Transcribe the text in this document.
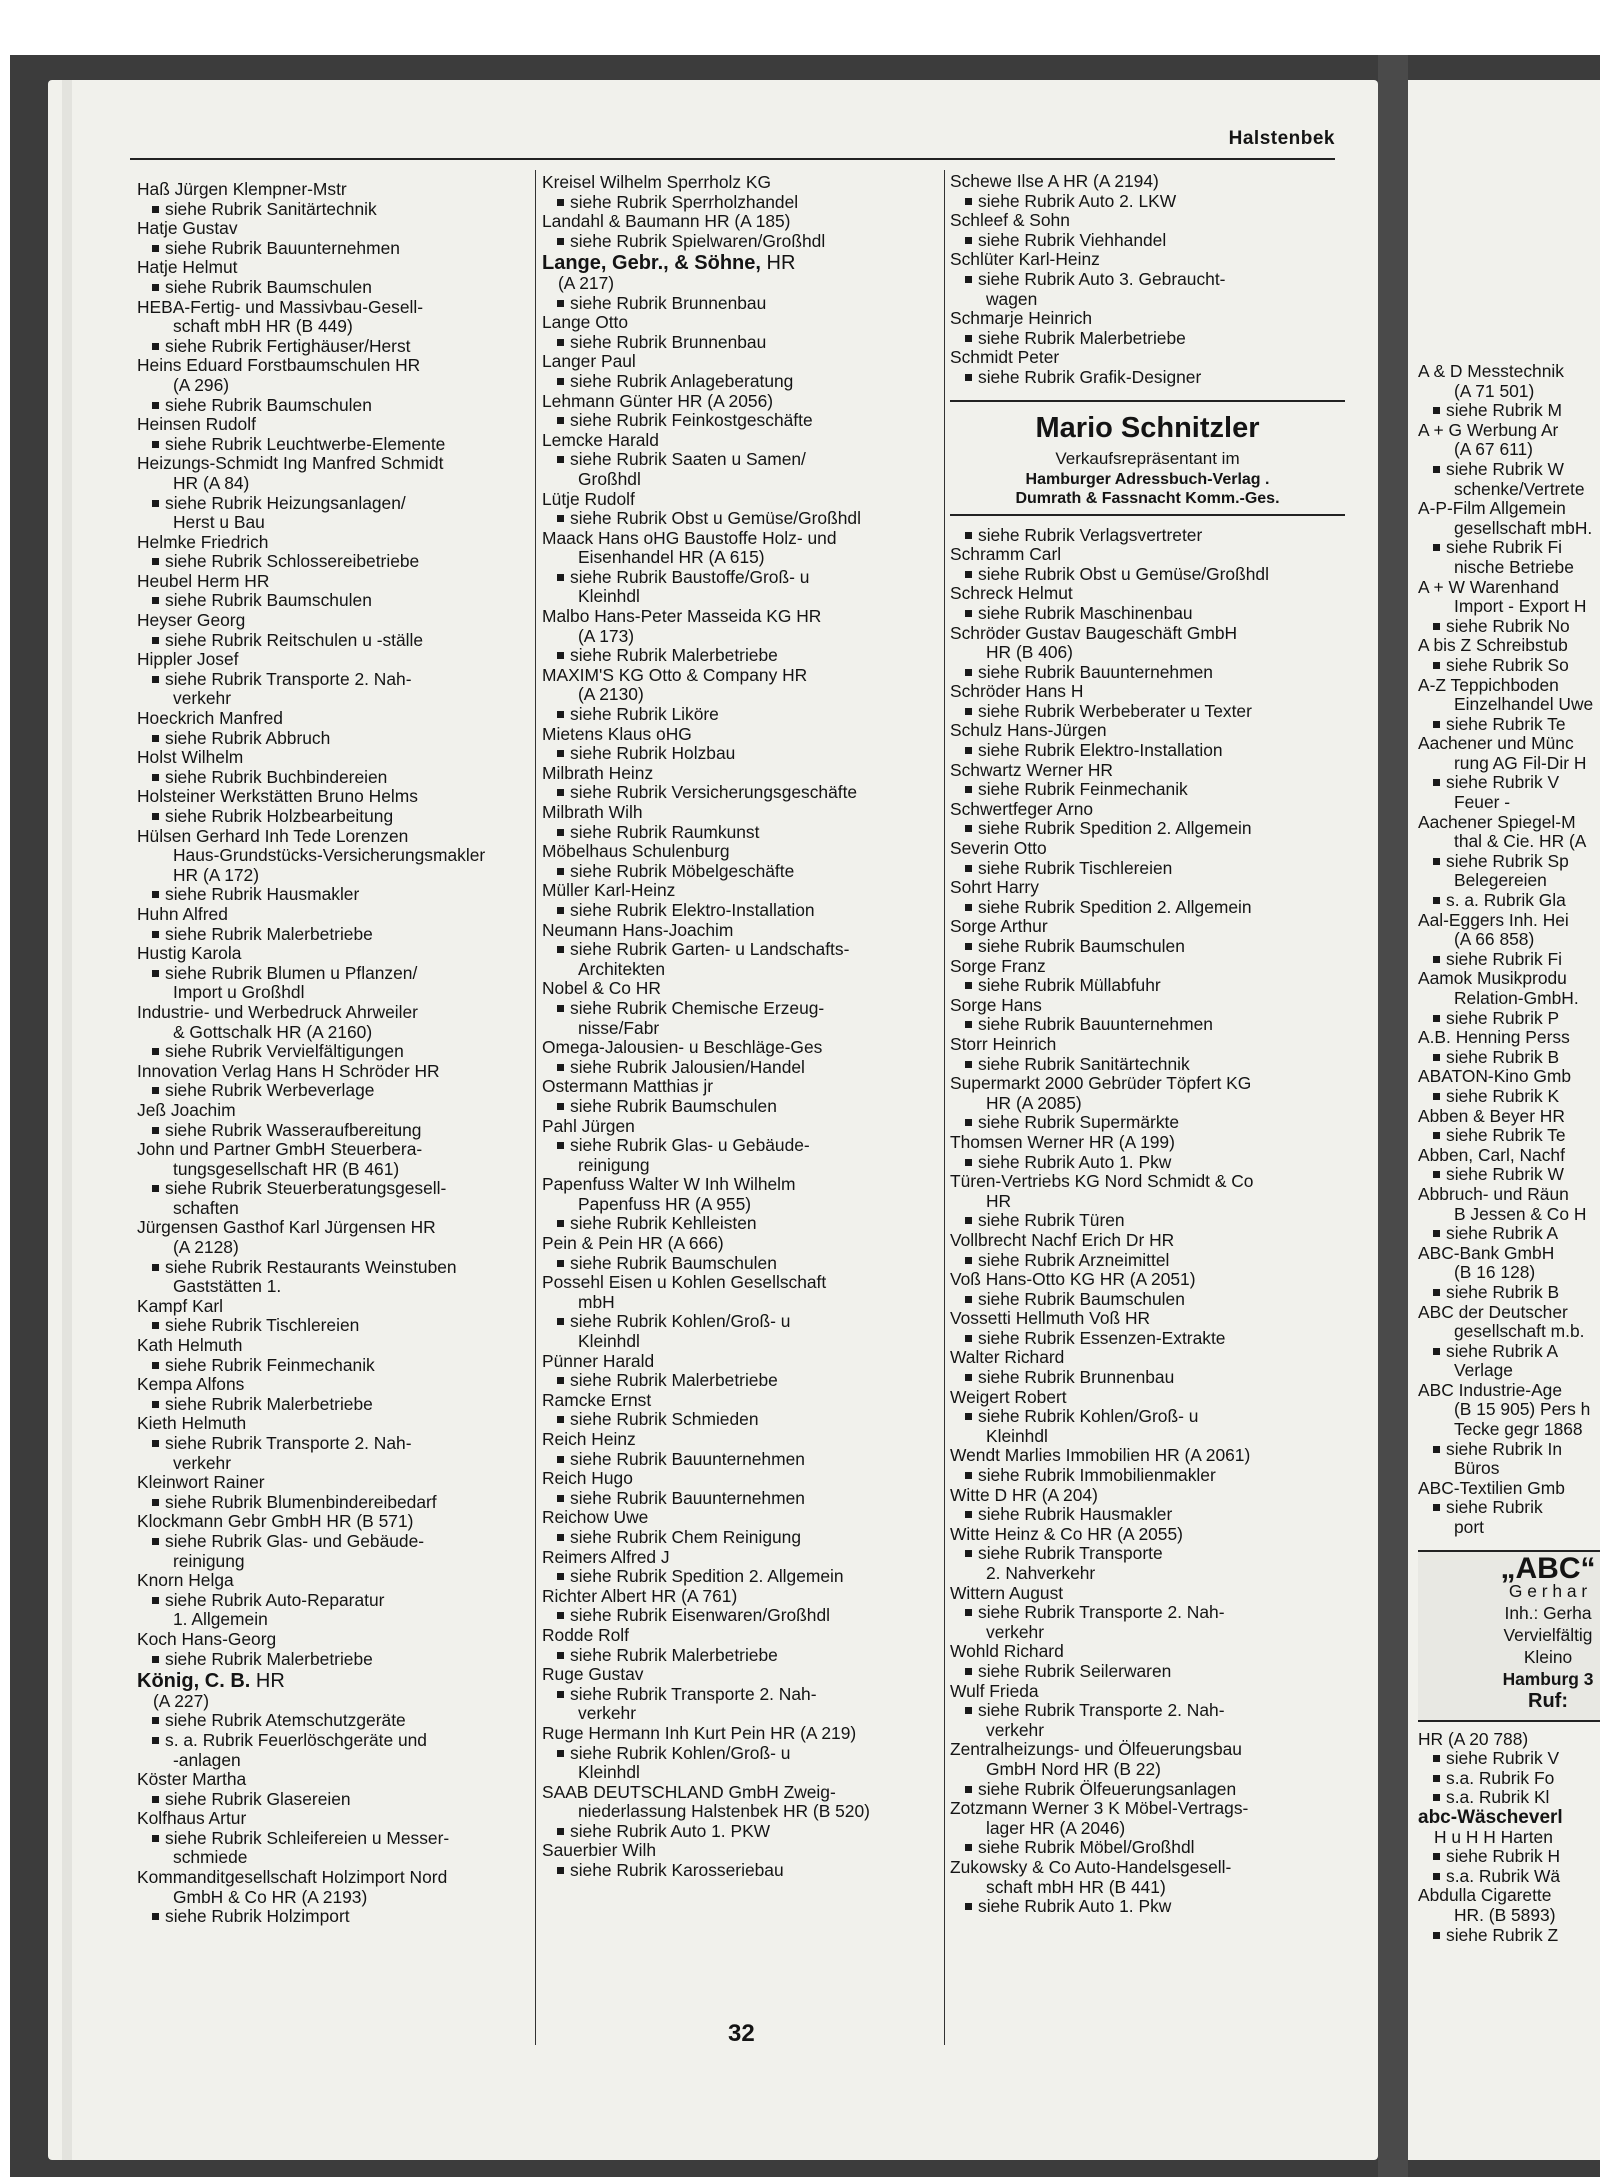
Halstenbek
Haß Jürgen Klempner-Mstr
siehe Rubrik Sanitärtechnik
Hatje Gustav
siehe Rubrik Bauunternehmen
Hatje Helmut
siehe Rubrik Baumschulen
HEBA-Fertig- und Massivbau-Gesell-
schaft mbH HR (B 449)
siehe Rubrik Fertighäuser/Herst
Heins Eduard Forstbaumschulen HR
(A 296)
siehe Rubrik Baumschulen
Heinsen Rudolf
siehe Rubrik Leuchtwerbe-Elemente
Heizungs-Schmidt Ing Manfred Schmidt
HR (A 84)
siehe Rubrik Heizungsanlagen/
Herst u Bau
Helmke Friedrich
siehe Rubrik Schlossereibetriebe
Heubel Herm HR
siehe Rubrik Baumschulen
Heyser Georg
siehe Rubrik Reitschulen u -ställe
Hippler Josef
siehe Rubrik Transporte 2. Nah-
verkehr
Hoeckrich Manfred
siehe Rubrik Abbruch
Holst Wilhelm
siehe Rubrik Buchbindereien
Holsteiner Werkstätten Bruno Helms
siehe Rubrik Holzbearbeitung
Hülsen Gerhard Inh Tede Lorenzen
Haus-Grundstücks-Versicherungsmakler
HR (A 172)
siehe Rubrik Hausmakler
Huhn Alfred
siehe Rubrik Malerbetriebe
Hustig Karola
siehe Rubrik Blumen u Pflanzen/
Import u Großhdl
Industrie- und Werbedruck Ahrweiler
& Gottschalk HR (A 2160)
siehe Rubrik Vervielfältigungen
Innovation Verlag Hans H Schröder HR
siehe Rubrik Werbeverlage
Jeß Joachim
siehe Rubrik Wasseraufbereitung
John und Partner GmbH Steuerbera-
tungsgesellschaft HR (B 461)
siehe Rubrik Steuerberatungsgesell-
schaften
Jürgensen Gasthof Karl Jürgensen HR
(A 2128)
siehe Rubrik Restaurants Weinstuben
Gaststätten 1.
Kampf Karl
siehe Rubrik Tischlereien
Kath Helmuth
siehe Rubrik Feinmechanik
Kempa Alfons
siehe Rubrik Malerbetriebe
Kieth Helmuth
siehe Rubrik Transporte 2. Nah-
verkehr
Kleinwort Rainer
siehe Rubrik Blumenbindereibedarf
Klockmann Gebr GmbH HR (B 571)
siehe Rubrik Glas- und Gebäude-
reinigung
Knorn Helga
siehe Rubrik Auto-Reparatur
1. Allgemein
Koch Hans-Georg
siehe Rubrik Malerbetriebe
König, C. B. HR
(A 227)
siehe Rubrik Atemschutzgeräte
s. a. Rubrik Feuerlöschgeräte und
-anlagen
Köster Martha
siehe Rubrik Glasereien
Kolfhaus Artur
siehe Rubrik Schleifereien u Messer-
schmiede
Kommanditgesellschaft Holzimport Nord
GmbH & Co HR (A 2193)
siehe Rubrik Holzimport
Kreisel Wilhelm Sperrholz KG
siehe Rubrik Sperrholzhandel
Landahl & Baumann HR (A 185)
siehe Rubrik Spielwaren/Großhdl
Lange, Gebr., & Söhne, HR
(A 217)
siehe Rubrik Brunnenbau
Lange Otto
siehe Rubrik Brunnenbau
Langer Paul
siehe Rubrik Anlageberatung
Lehmann Günter HR (A 2056)
siehe Rubrik Feinkostgeschäfte
Lemcke Harald
siehe Rubrik Saaten u Samen/
Großhdl
Lütje Rudolf
siehe Rubrik Obst u Gemüse/Großhdl
Maack Hans oHG Baustoffe Holz- und
Eisenhandel HR (A 615)
siehe Rubrik Baustoffe/Groß- u
Kleinhdl
Malbo Hans-Peter Masseida KG HR
(A 173)
siehe Rubrik Malerbetriebe
MAXIM'S KG Otto & Company HR
(A 2130)
siehe Rubrik Liköre
Mietens Klaus oHG
siehe Rubrik Holzbau
Milbrath Heinz
siehe Rubrik Versicherungsgeschäfte
Milbrath Wilh
siehe Rubrik Raumkunst
Möbelhaus Schulenburg
siehe Rubrik Möbelgeschäfte
Müller Karl-Heinz
siehe Rubrik Elektro-Installation
Neumann Hans-Joachim
siehe Rubrik Garten- u Landschafts-
Architekten
Nobel & Co HR
siehe Rubrik Chemische Erzeug-
nisse/Fabr
Omega-Jalousien- u Beschläge-Ges
siehe Rubrik Jalousien/Handel
Ostermann Matthias jr
siehe Rubrik Baumschulen
Pahl Jürgen
siehe Rubrik Glas- u Gebäude-
reinigung
Papenfuss Walter W Inh Wilhelm
Papenfuss HR (A 955)
siehe Rubrik Kehlleisten
Pein & Pein HR (A 666)
siehe Rubrik Baumschulen
Possehl Eisen u Kohlen Gesellschaft
mbH
siehe Rubrik Kohlen/Groß- u
Kleinhdl
Pünner Harald
siehe Rubrik Malerbetriebe
Ramcke Ernst
siehe Rubrik Schmieden
Reich Heinz
siehe Rubrik Bauunternehmen
Reich Hugo
siehe Rubrik Bauunternehmen
Reichow Uwe
siehe Rubrik Chem Reinigung
Reimers Alfred J
siehe Rubrik Spedition 2. Allgemein
Richter Albert HR (A 761)
siehe Rubrik Eisenwaren/Großhdl
Rodde Rolf
siehe Rubrik Malerbetriebe
Ruge Gustav
siehe Rubrik Transporte 2. Nah-
verkehr
Ruge Hermann Inh Kurt Pein HR (A 219)
siehe Rubrik Kohlen/Groß- u
Kleinhdl
SAAB DEUTSCHLAND GmbH Zweig-
niederlassung Halstenbek HR (B 520)
siehe Rubrik Auto 1. PKW
Sauerbier Wilh
siehe Rubrik Karosseriebau
Schewe Ilse A HR (A 2194)
siehe Rubrik Auto 2. LKW
Schleef & Sohn
siehe Rubrik Viehhandel
Schlüter Karl-Heinz
siehe Rubrik Auto 3. Gebraucht-
wagen
Schmarje Heinrich
siehe Rubrik Malerbetriebe
Schmidt Peter
siehe Rubrik Grafik-Designer
Mario Schnitzler
Verkaufsrepräsentant im
Hamburger Adressbuch-Verlag .
Dumrath & Fassnacht Komm.-Ges.
siehe Rubrik Verlagsvertreter
Schramm Carl
siehe Rubrik Obst u Gemüse/Großhdl
Schreck Helmut
siehe Rubrik Maschinenbau
Schröder Gustav Baugeschäft GmbH
HR (B 406)
siehe Rubrik Bauunternehmen
Schröder Hans H
siehe Rubrik Werbeberater u Texter
Schulz Hans-Jürgen
siehe Rubrik Elektro-Installation
Schwartz Werner HR
siehe Rubrik Feinmechanik
Schwertfeger Arno
siehe Rubrik Spedition 2. Allgemein
Severin Otto
siehe Rubrik Tischlereien
Sohrt Harry
siehe Rubrik Spedition 2. Allgemein
Sorge Arthur
siehe Rubrik Baumschulen
Sorge Franz
siehe Rubrik Müllabfuhr
Sorge Hans
siehe Rubrik Bauunternehmen
Storr Heinrich
siehe Rubrik Sanitärtechnik
Supermarkt 2000 Gebrüder Töpfert KG
HR (A 2085)
siehe Rubrik Supermärkte
Thomsen Werner HR (A 199)
siehe Rubrik Auto 1. Pkw
Türen-Vertriebs KG Nord Schmidt & Co
HR
siehe Rubrik Türen
Vollbrecht Nachf Erich Dr HR
siehe Rubrik Arzneimittel
Voß Hans-Otto KG HR (A 2051)
siehe Rubrik Baumschulen
Vossetti Hellmuth Voß HR
siehe Rubrik Essenzen-Extrakte
Walter Richard
siehe Rubrik Brunnenbau
Weigert Robert
siehe Rubrik Kohlen/Groß- u
Kleinhdl
Wendt Marlies Immobilien HR (A 2061)
siehe Rubrik Immobilienmakler
Witte D HR (A 204)
siehe Rubrik Hausmakler
Witte Heinz & Co HR (A 2055)
siehe Rubrik Transporte
2. Nahverkehr
Wittern August
siehe Rubrik Transporte 2. Nah-
verkehr
Wohld Richard
siehe Rubrik Seilerwaren
Wulf Frieda
siehe Rubrik Transporte 2. Nah-
verkehr
Zentralheizungs- und Ölfeuerungsbau
GmbH Nord HR (B 22)
siehe Rubrik Ölfeuerungsanlagen
Zotzmann Werner 3 K Möbel-Vertrags-
lager HR (A 2046)
siehe Rubrik Möbel/Großhdl
Zukowsky & Co Auto-Handelsgesell-
schaft mbH HR (B 441)
siehe Rubrik Auto 1. Pkw
32
A & D Messtechnik
(A 71 501)
siehe Rubrik M
A + G Werbung Ar
(A 67 611)
siehe Rubrik W
schenke/Vertrete
A-P-Film Allgemein
gesellschaft mbH.
siehe Rubrik Fi
nische Betriebe
A + W Warenhand
Import - Export H
siehe Rubrik No
A bis Z Schreibstub
siehe Rubrik So
A-Z Teppichboden
Einzelhandel Uwe
siehe Rubrik Te
Aachener und Münc
rung AG Fil-Dir H
siehe Rubrik V
Feuer -
Aachener Spiegel-M
thal & Cie. HR (A
siehe Rubrik Sp
Belegereien
s. a. Rubrik Gla
Aal-Eggers Inh. Hei
(A 66 858)
siehe Rubrik Fi
Aamok Musikprodu
Relation-GmbH.
siehe Rubrik P
A.B. Henning Perss
siehe Rubrik B
ABATON-Kino Gmb
siehe Rubrik K
Abben & Beyer HR
siehe Rubrik Te
Abben, Carl, Nachf
siehe Rubrik W
Abbruch- und Räun
B Jessen & Co H
siehe Rubrik A
ABC-Bank GmbH
(B 16 128)
siehe Rubrik B
ABC der Deutscher
gesellschaft m.b.
siehe Rubrik A
Verlage
ABC Industrie-Age
(B 15 905) Pers h
Tecke gegr 1868
siehe Rubrik In
Büros
ABC-Textilien Gmb
siehe Rubrik
port
„ABC“
G e r h a r
Inh.: Gerha
Vervielfältig
Kleino
Hamburg 3
Ruf:
HR (A 20 788)
siehe Rubrik V
s.a. Rubrik Fo
s.a. Rubrik Kl
abc-Wäscheverl
H u H H Harten
siehe Rubrik H
s.a. Rubrik Wä
Abdulla Cigarette
HR. (B 5893)
siehe Rubrik Z
